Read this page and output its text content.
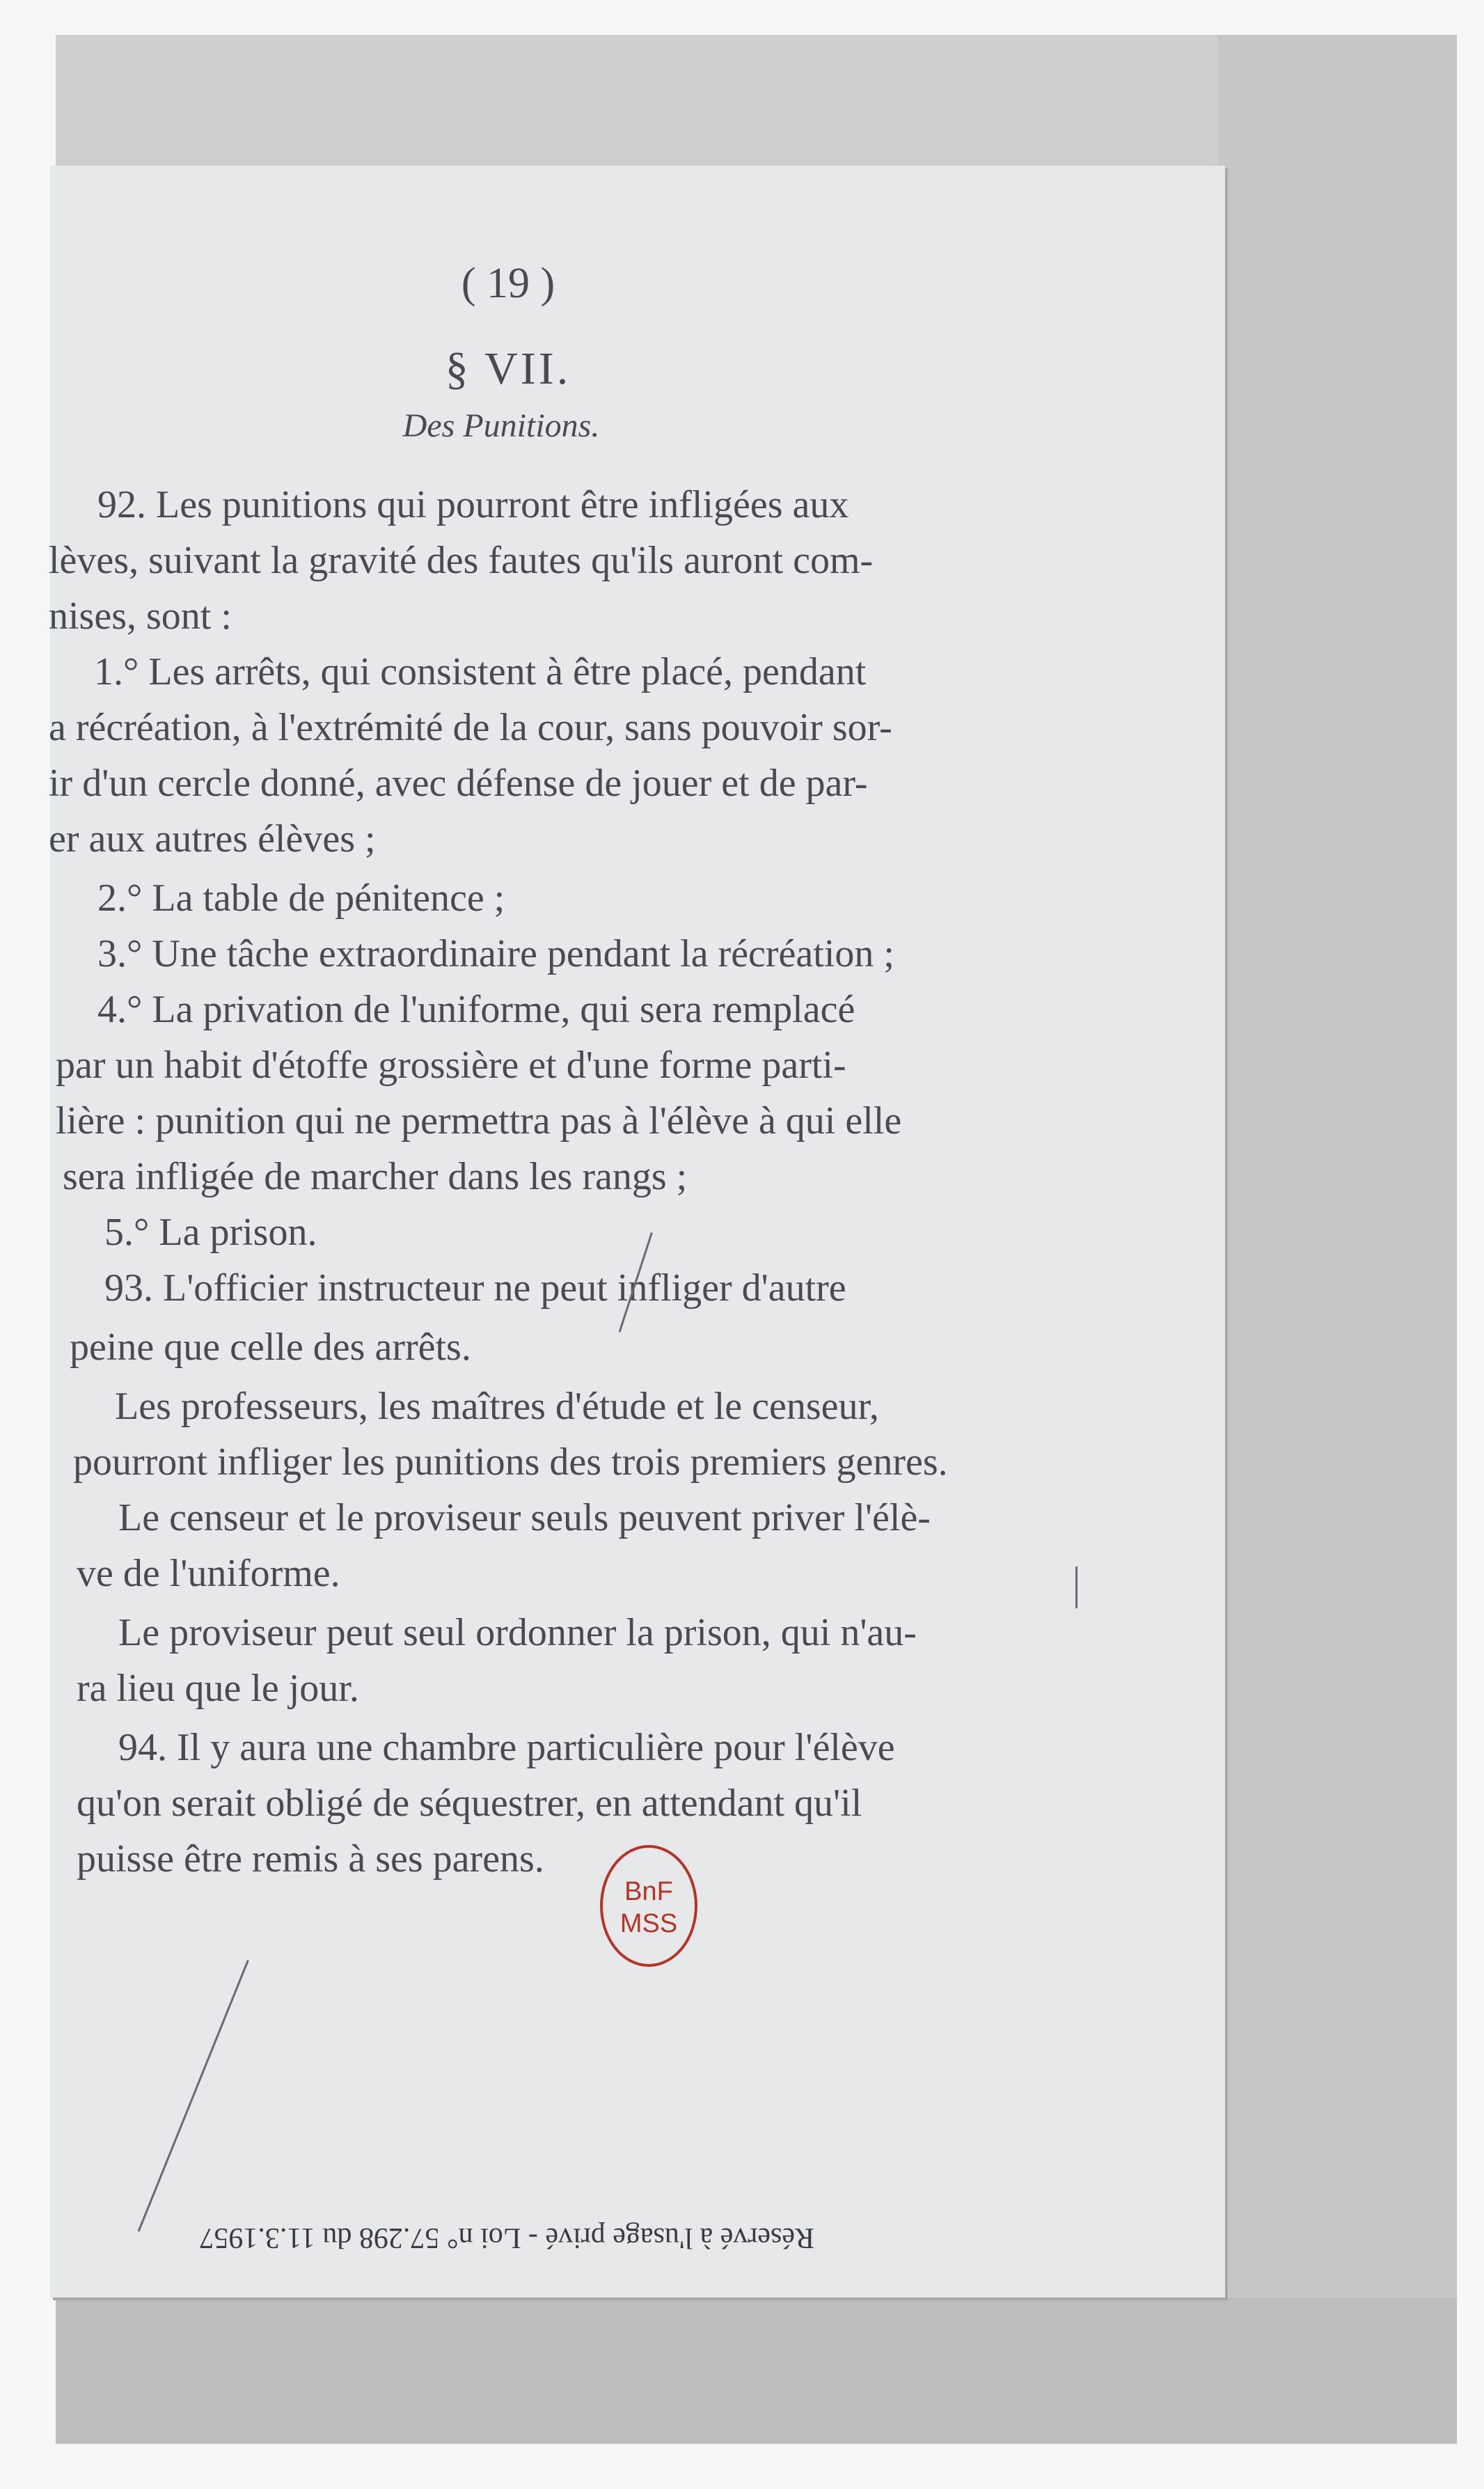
( 19 )
§ VII.
Des Punitions.
92. Les punitions qui pourront être infligées aux
lèves, suivant la gravité des fautes qu'ils auront com-
nises, sont :
1.° Les arrêts, qui consistent à être placé, pendant
a récréation, à l'extrémité de la cour, sans pouvoir sor-
ir d'un cercle donné, avec défense de jouer et de par-
er aux autres élèves ;
2.° La table de pénitence ;
3.° Une tâche extraordinaire pendant la récréation ;
4.° La privation de l'uniforme, qui sera remplacé
par un habit d'étoffe grossière et d'une forme parti-
lière : punition qui ne permettra pas à l'élève à qui elle
sera infligée de marcher dans les rangs ;
5.° La prison.
93. L'officier instructeur ne peut infliger d'autre
peine que celle des arrêts.
Les professeurs, les maîtres d'étude et le censeur,
pourront infliger les punitions des trois premiers genres.
Le censeur et le proviseur seuls peuvent priver l'élè-
ve de l'uniforme.
Le proviseur peut seul ordonner la prison, qui n'au-
ra lieu que le jour.
94. Il y aura une chambre particulière pour l'élève
qu'on serait obligé de séquestrer, en attendant qu'il
puisse être remis à ses parens.
BnF
MSS
Réservé à l'usage privé - Loi n° 57.298 du 11.3.1957
